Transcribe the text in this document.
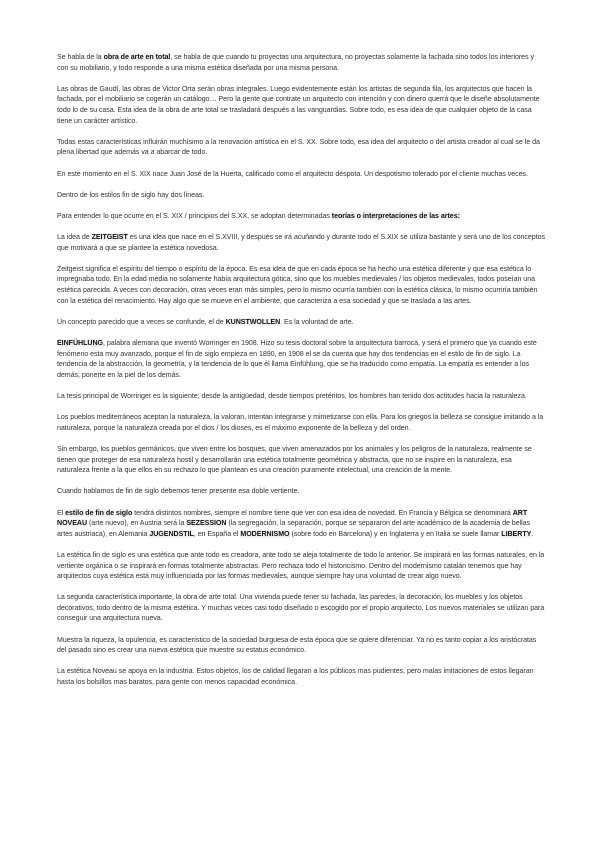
Se habla de la obra de arte en total, se habla de que cuando tu proyectas una arquitectura, no proyectas solamente la fachada sino todos los interiores y con su mobiliario, y todo responde a una misma estética diseñada por una misma persona.

Las obras de Gaudí, las obras de Victor Orta serán obras integrales. Luego evidentemente están los artistas de segunda fila, los arquitectos que hacen la fachada, por el mobiliario se cogerán un catálogo… Pero la gente que contrate un arquitecto con intención y con dinero querrá que le diseñe absolutamente todo lo de su casa. Esta idea de la obra de arte total se trasladará después a las vanguardias. Sobre todo, es esa idea de que cualquier objeto de la casa tiene un carácter artístico.

Todas estas características influirán muchísimo a la renovación artística en el S. XX. Sobre todo, esa idea del arquitecto o del artista creador al cual se le da plena libertad que además va a abarcar de todo.

En este momento en el S. XIX nace Juan José de la Huerta, calificado como el arquitecto déspota. Un despotismo tolerado por el cliente muchas veces.

Dentro de los estilos fin de siglo hay dos líneas.

Para entender lo que ocurre en el S. XIX / principios del S.XX, se adoptan determinadas teorías o interpretaciones de las artes:

La idea de ZEITGEIST es una idea que nace en el S.XVIII, y después se irá acuñando y durante todo el S.XIX se utiliza bastante y será uno de los conceptos que motivará a que se plantee la estética novedosa.

Zeitgeist significa el espíritu del tiempo o espíritu de la época. Es esa idea de que en cada época se ha hecho una estética diferente y que esa estética lo impregnaba todo. En la edad media no solamente había arquitectura gótica, sino que los muebles medievales / los objetos medievales, todos poseían una estética parecida. A veces con decoración, otras veces eran más simples, pero lo mismo ocurría también con la estética clásica, lo mismo ocurriría también con la estética del renacimiento. Hay algo que se mueve en el ambiente, que caracteriza a esa sociedad y que se traslada a las artes.

Un concepto parecido que a veces se confunde, el de KUNSTWOLLEN. Es la voluntad de arte.

EINFÜHLUNG, palabra alemana que inventó Worringer en 1908. Hizo su tesis doctoral sobre la arquitectura barroca, y será el primero que ya cuando este fenómeno esta muy avanzado, porque el fin de siglo empieza en 1890, en 1908 el se da cuenta que hay dos tendencias en el estilo de fin de siglo. La tendencia de la abstracción, la geometría, y la tendencia de lo que él llama Einfühlung, que se ha traducido como empatía. La empatía es entender a los demás, ponerte en la piel de los demás.

La tesis principal de Worringer es la siguiente; desde la antigüedad, desde tiempos pretéritos, los hombres han tenido dos actitudes hacia la naturaleza.

Los pueblos mediterráneos aceptan la naturaleza, la valoran, intentan integrarse y mimetizarse con ella. Para los griegos la belleza se consigue imitando a la naturaleza, porque la naturaleza creada por el dios / los dioses, es el máximo exponente de la belleza y del orden.

Sin embargo, los pueblos germánicos, que viven entre los bosques, que viven amenazados por los animales y los peligros de la naturaleza, realmente se tienen que proteger de esa naturaleza hostil y desarrollarán una estética totalmente geométrica y abstracta, que no se inspire en la naturaleza, esa naturaleza frente a la que ellos en su rechazo lo que plantean es una creación puramente intelectual, una creación de la mente.

Cuando hablamos de fin de siglo debemos tener presente esa doble vertiente.

El estilo de fin de siglo tendrá distintos nombres, siempre el nombre tiene que ver con esa idea de novedad. En Francia y Bélgica se denominará ART NOVEAU (arte nuevo), en Austria será la SEZESSION (la segregación, la separación, porque se separaron del arte académico de la academia de bellas artes austriaca), en Alemania JUGENDSTIL, en España el MODERNISMO (sobre todo en Barcelona) y en Inglaterra y en Italia se suele llamar LIBERTY.

La estética fin de siglo es una estética que ante todo es creadora, ante todo se aleja totalmente de todo lo anterior. Se inspirará en las formas naturales, en la vertiente orgánica o se inspirará en formas totalmente abstractas. Pero rechaza todo el historicismo. Dentro del modernismo catalán tenemos que hay arquitectos cuya estética está muy influenciada por las formas medievales, aunque siempre hay una voluntad de crear algo nuevo.

La segunda característica importante, la obra de arte total. Una vivienda puede tener su fachada, las paredes, la decoración, los muebles y los objetos decorativos, todo dentro de la misma estética. Y muchas veces casi todo diseñado o escogido por el propio arquitecto. Los nuevos materiales se utilizan para conseguir una arquitectura nueva.

Muestra la riqueza, la opulencia, es característico de la sociedad burguesa de esta época que se quiere diferenciar. Ya no es tanto copiar a los aristócratas del pasado sino es crear una nueva estética que muestre su estatus económico.

La estética Noveau se apoya en la industria. Estos objetos, los de calidad llegaran a los públicos mas pudientes, pero malas imitaciones de estos llegaran hasta los bolsillos mas baratos, para gente con menos capacidad económica.
